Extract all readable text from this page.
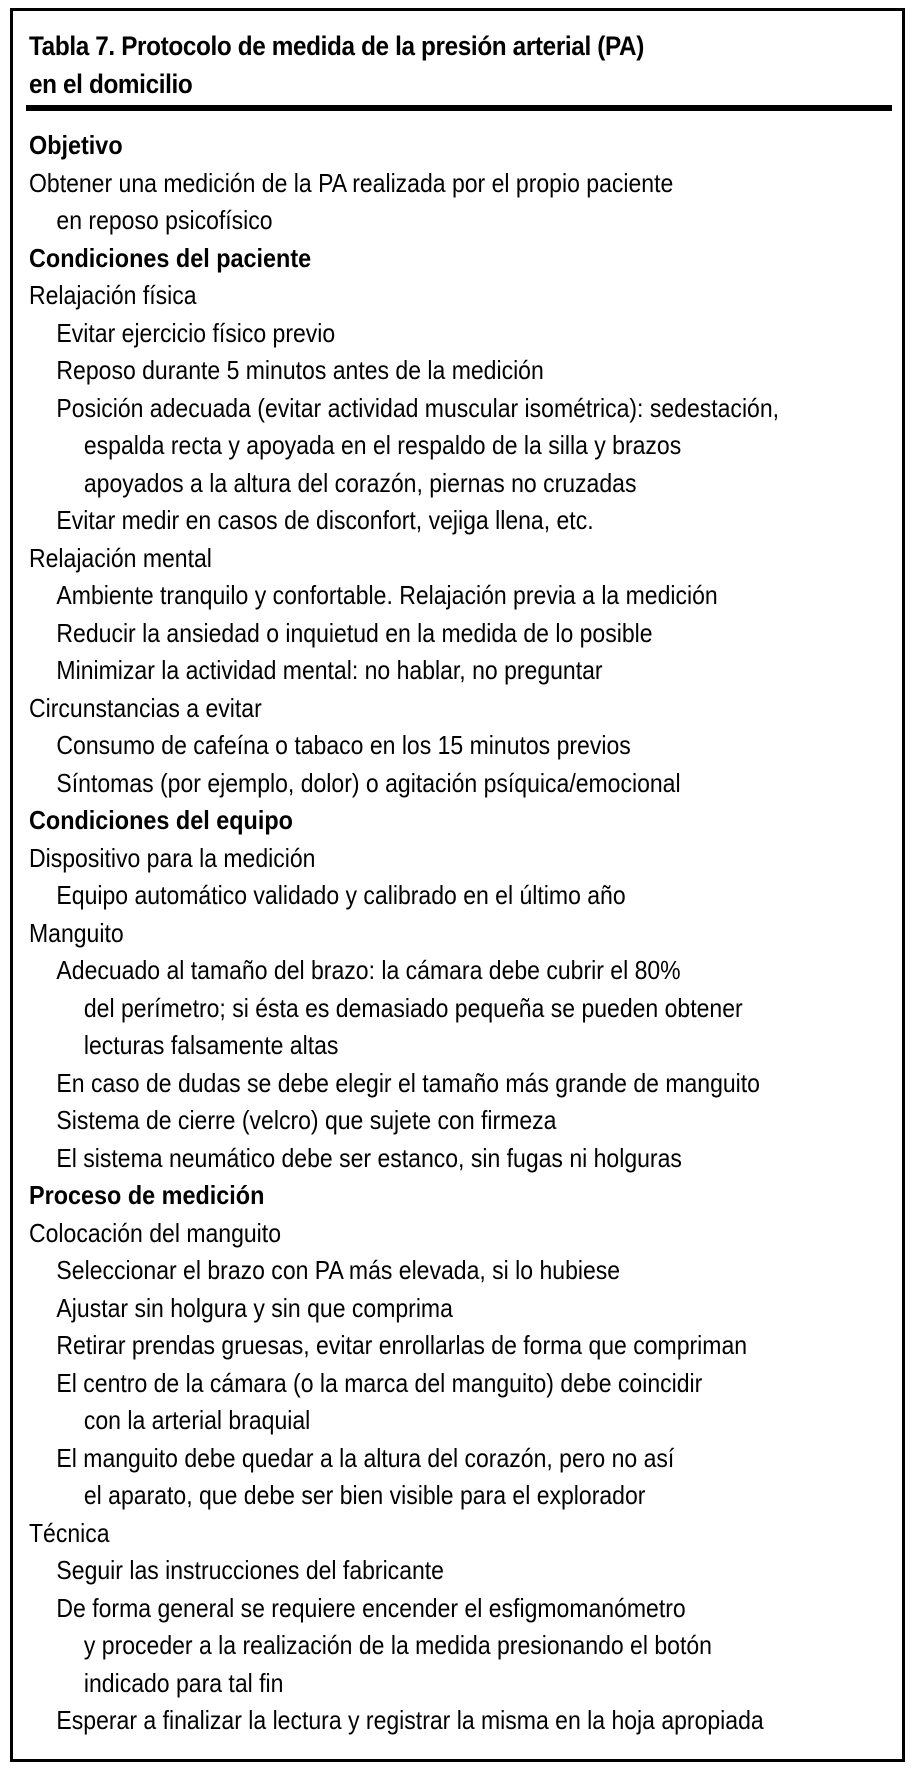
Tabla 7. Protocolo de medida de la presión arterial (PA)
en el domicilio
Objetivo
Obtener una medición de la PA realizada por el propio paciente
en reposo psicofísico
Condiciones del paciente
Relajación física
Evitar ejercicio físico previo
Reposo durante 5 minutos antes de la medición
Posición adecuada (evitar actividad muscular isométrica): sedestación,
espalda recta y apoyada en el respaldo de la silla y brazos
apoyados a la altura del corazón, piernas no cruzadas
Evitar medir en casos de disconfort, vejiga llena, etc.
Relajación mental
Ambiente tranquilo y confortable. Relajación previa a la medición
Reducir la ansiedad o inquietud en la medida de lo posible
Minimizar la actividad mental: no hablar, no preguntar
Circunstancias a evitar
Consumo de cafeína o tabaco en los 15 minutos previos
Síntomas (por ejemplo, dolor) o agitación psíquica/emocional
Condiciones del equipo
Dispositivo para la medición
Equipo automático validado y calibrado en el último año
Manguito
Adecuado al tamaño del brazo: la cámara debe cubrir el 80%
del perímetro; si ésta es demasiado pequeña se pueden obtener
lecturas falsamente altas
En caso de dudas se debe elegir el tamaño más grande de manguito
Sistema de cierre (velcro) que sujete con firmeza
El sistema neumático debe ser estanco, sin fugas ni holguras
Proceso de medición
Colocación del manguito
Seleccionar el brazo con PA más elevada, si lo hubiese
Ajustar sin holgura y sin que comprima
Retirar prendas gruesas, evitar enrollarlas de forma que compriman
El centro de la cámara (o la marca del manguito) debe coincidir
con la arterial braquial
El manguito debe quedar a la altura del corazón, pero no así
el aparato, que debe ser bien visible para el explorador
Técnica
Seguir las instrucciones del fabricante
De forma general se requiere encender el esfigmomanómetro
y proceder a la realización de la medida presionando el botón
indicado para tal fin
Esperar a finalizar la lectura y registrar la misma en la hoja apropiada
